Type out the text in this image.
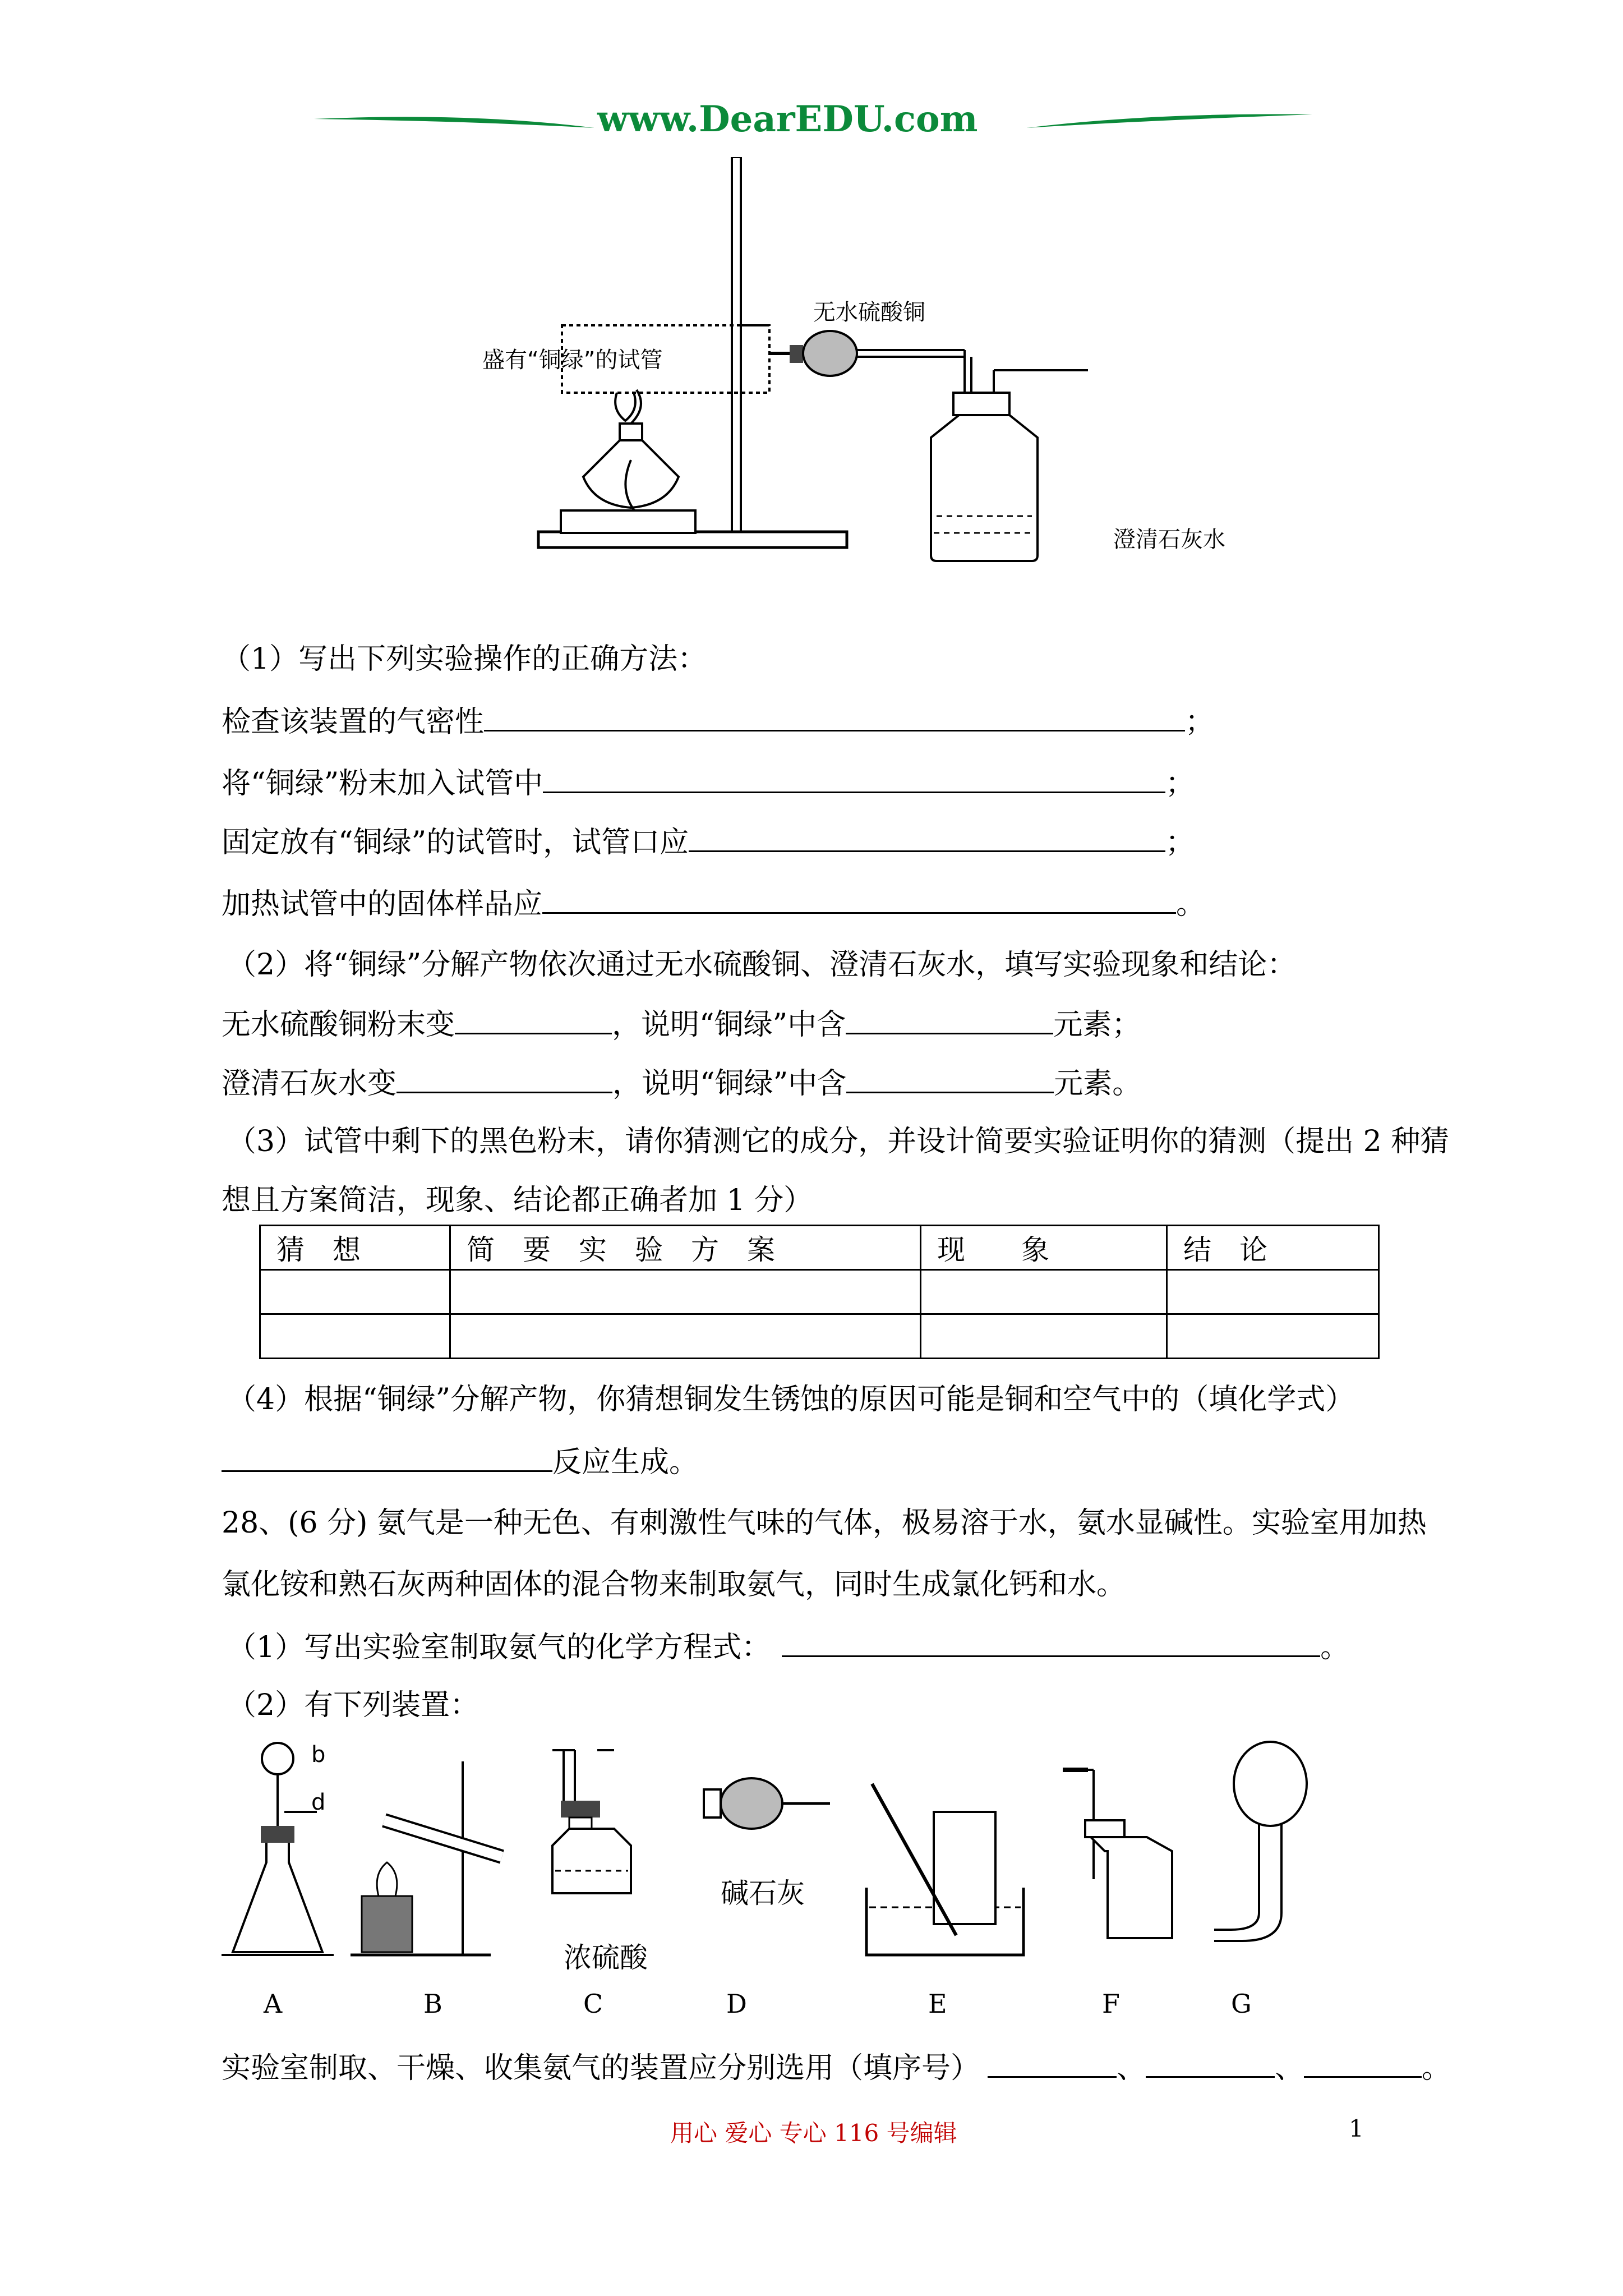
www.DearEDU.com
无水硫酸铜
盛有“铜绿”的试管
澄清石灰水
（1）写出下列实验操作的正确方法：
检查该装置的气密性	；
将“铜绿”粉末加入试管中	；
固定放有“铜绿”的试管时，试管口应	；
加热试管中的固体样品应	。
（2）将“铜绿”分解产物依次通过无水硫酸铜、澄清石灰水，填写实验现象和结论：
无水硫酸铜粉末变	，说明“铜绿”中含	元素；
澄清石灰水变	，说明“铜绿”中含	元素。
（3）试管中剩下的黑色粉末，请你猜测它的成分，并设计简要实验证明你的猜测（提出 2 种猜
想且方案简洁，现象、结论都正确者加 1 分）
猜　想	简　要　实　验　方　案	现　　象	结　论

（4）根据“铜绿”分解产物，你猜想铜发生锈蚀的原因可能是铜和空气中的（填化学式）
反应生成。
28、(6 分) 氨气是一种无色、有刺激性气味的气体，极易溶于水，氨水显碱性。实验室用加热
氯化铵和熟石灰两种固体的混合物来制取氨气，同时生成氯化钙和水。
（1）写出实验室制取氨气的化学方程式：	。
（2）有下列装置：
b
d
浓硫酸
碱石灰
A	B	C	D	E	F	G
实验室制取、干燥、收集氨气的装置应分别选用（填序号）	、	、	。
用心 爱心 专心 116 号编辑	1
